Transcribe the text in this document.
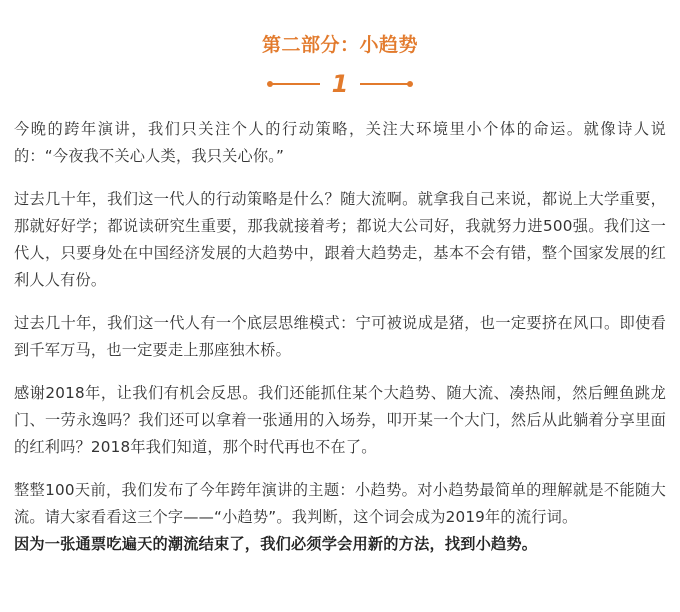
第二部分：小趋势
1

今晚的跨年演讲，我们只关注个人的行动策略，关注大环境里小个体的命运。就像诗人说的：“今夜我不关心人类，我只关心你。”

过去几十年，我们这一代人的行动策略是什么？随大流啊。就拿我自己来说，都说上大学重要，那就好好学；都说读研究生重要，那我就接着考；都说大公司好，我就努力进500强。我们这一代人，只要身处在中国经济发展的大趋势中，跟着大趋势走，基本不会有错，整个国家发展的红利人人有份。

过去几十年，我们这一代人有一个底层思维模式：宁可被说成是猪，也一定要挤在风口。即使看到千军万马，也一定要走上那座独木桥。

感谢2018年，让我们有机会反思。我们还能抓住某个大趋势、随大流、凑热闹，然后鲤鱼跳龙门、一劳永逸吗？我们还可以拿着一张通用的入场券，叩开某一个大门，然后从此躺着分享里面的红利吗？2018年我们知道，那个时代再也不在了。

整整100天前，我们发布了今年跨年演讲的主题：小趋势。对小趋势最简单的理解就是不能随大流。请大家看看这三个字——“小趋势”。我判断，这个词会成为2019年的流行词。

因为一张通票吃遍天的潮流结束了，我们必须学会用新的方法，找到小趋势。
